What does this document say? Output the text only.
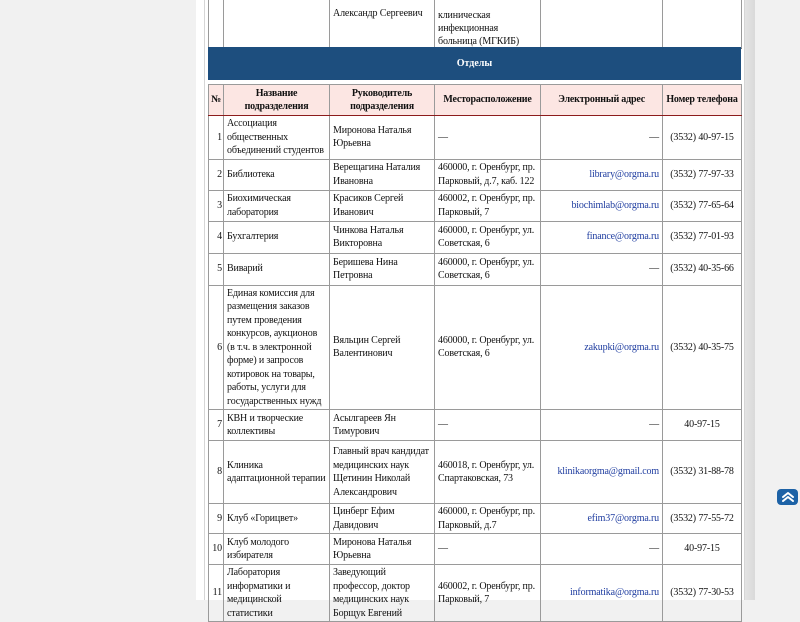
		Александр Сергеевич	клиническая инфекционная больница (МГКИБ)		
Отделы
№	Название подразделения	Руководитель подразделения	Месторасположение	Электронный адрес	Номер телефона
1	Ассоциация общественных объединений студентов	Миронова Наталья Юрьевна	—	—	(3532) 40-97-15
2	Библиотека	Верещагина Наталия Ивановна	460000, г. Оренбург, пр. Парковый, д.7, каб. 122	library@orgma.ru	(3532) 77-97-33
3	Биохимическая лаборатория	Красиков Сергей Иванович	460002, г. Оренбург, пр. Парковый, 7	biochimlab@orgma.ru	(3532) 77-65-64
4	Бухгалтерия	Чинкова Наталья Викторовна	460000, г. Оренбург, ул. Советская, 6	finance@orgma.ru	(3532) 77-01-93
5	Виварий	Беришева Нина Петровна	460000, г. Оренбург, ул. Советская, 6	—	(3532) 40-35-66
6	Единая комиссия для размещения заказов путем проведения конкурсов, аукционов (в т.ч. в электронной форме) и запросов котировок на товары, работы, услуги для государственных нужд	Вяльцин Сергей Валентинович	460000, г. Оренбург, ул. Советская, 6	zakupki@orgma.ru	(3532) 40-35-75
7	КВН и творческие коллективы	Асылгареев Ян Тимурович	—	—	40-97-15
8	Клиника адаптационной терапии	Главный врач кандидат медицинских наук Щетинин Николай Александрович	460018, г. Оренбург, ул. Спартаковская, 73	klinikaorgma@gmail.com	(3532) 31-88-78
9	Клуб «Горицвет»	Цинберг Ефим Давидович	460000, г. Оренбург, пр. Парковый, д.7	efim37@orgma.ru	(3532) 77-55-72
10	Клуб молодого избирателя	Миронова Наталья Юрьевна	—	—	40-97-15
11	Лаборатория информатики и медицинской статистики	Заведующий профессор, доктор медицинских наук Борщук Евгений	460002, г. Оренбург, пр. Парковый, 7	informatika@orgma.ru	(3532) 77-30-53
